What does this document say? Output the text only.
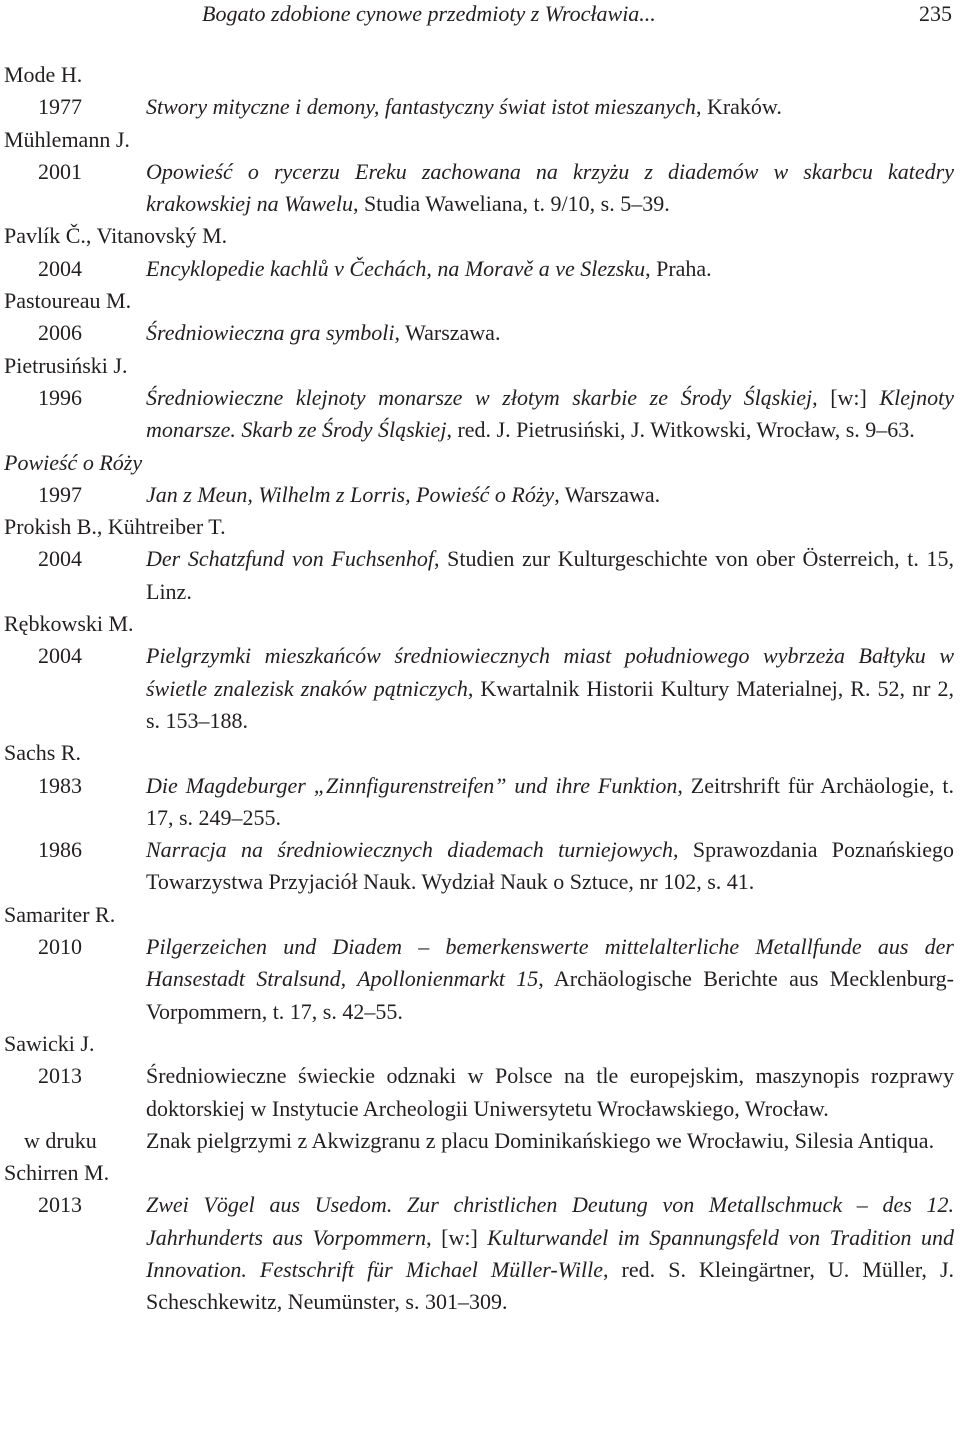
Bogato zdobione cynowe przedmioty z Wrocławia...	235
Mode H.
1977	Stwory mityczne i demony, fantastyczny świat istot mieszanych, Kraków.
Mühlemann J.
2001	Opowieść o rycerzu Ereku zachowana na krzyżu z diademów w skarbcu katedry krakowskiej na Wawelu, Studia Waweliana, t. 9/10, s. 5–39.
Pavlík Č., Vitanovský M.
2004	Encyklopedie kachlů v Čechách, na Moravě a ve Slezsku, Praha.
Pastoureau M.
2006	Średniowieczna gra symboli, Warszawa.
Pietrusiński J.
1996	Średniowieczne klejnoty monarsze w złotym skarbie ze Środy Śląskiej, [w:] Klejnoty monarsze. Skarb ze Środy Śląskiej, red. J. Pietrusiński, J. Witkowski, Wrocław, s. 9–63.
Powieść o Róży
1997	Jan z Meun, Wilhelm z Lorris, Powieść o Róży, Warszawa.
Prokish B., Kühtreiber T.
2004	Der Schatzfund von Fuchsenhof, Studien zur Kulturgeschichte von ober Österreich, t. 15, Linz.
Rębkowski M.
2004	Pielgrzymki mieszkańców średniowiecznych miast południowego wybrzeża Bałtyku w świetle znalezisk znaków pątniczych, Kwartalnik Historii Kultury Materialnej, R. 52, nr 2, s. 153–188.
Sachs R.
1983	Die Magdeburger „Zinnfigurenstreifen” und ihre Funktion, Zeitrshrift für Archäologie, t. 17, s. 249–255.
1986	Narracja na średniowiecznych diademach turniejowych, Sprawozdania Poznańskiego Towarzystwa Przyjaciół Nauk. Wydział Nauk o Sztuce, nr 102, s. 41.
Samariter R.
2010	Pilgerzeichen und Diadem – bemerkenswerte mittelalterliche Metallfunde aus der Hansestadt Stralsund, Apollonienmarkt 15, Archäologische Berichte aus Mecklenburg-Vorpommern, t. 17, s. 42–55.
Sawicki J.
2013	Średniowieczne świeckie odznaki w Polsce na tle europejskim, maszynopis rozprawy doktorskiej w Instytucie Archeologii Uniwersytetu Wrocławskiego, Wrocław.
w druku	Znak pielgrzymi z Akwizgranu z placu Dominikańskiego we Wrocławiu, Silesia Antiqua.
Schirren M.
2013	Zwei Vögel aus Usedom. Zur christlichen Deutung von Metallschmuck – des 12. Jahrhunderts aus Vorpommern, [w:] Kulturwandel im Spannungsfeld von Tradition und Innovation. Festschrift für Michael Müller-Wille, red. S. Kleingärtner, U. Müller, J. Scheschkewitz, Neumünster, s. 301–309.
